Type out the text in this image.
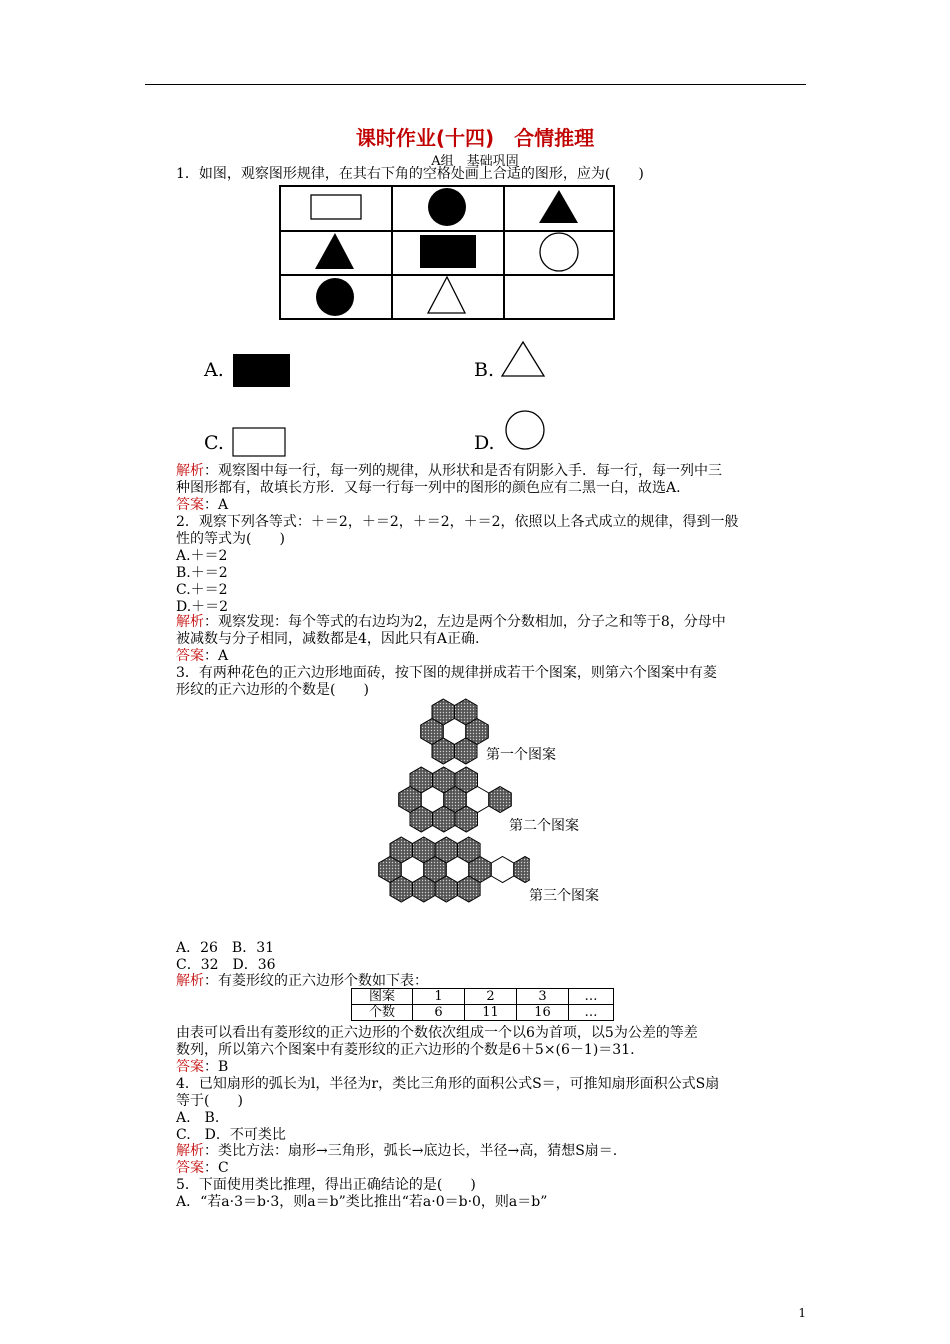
课时作业(十四)　合情推理
A组　基础巩固
1．如图，观察图形规律，在其右下角的空格处画上合适的图形，应为(　　)
A.	B.
C.	D.
解析：观察图中每一行，每一列的规律，从形状和是否有阴影入手．每一行，每一列中三
种图形都有，故填长方形．又每一行每一列中的图形的颜色应有二黑一白，故选A.
答案：A
2．观察下列各等式：＋＝2，＋＝2，＋＝2，＋＝2，依照以上各式成立的规律，得到一般
性的等式为(　　)
A.＋＝2
B.＋＝2
C.＋＝2
D.＋＝2
解析：观察发现：每个等式的右边均为2，左边是两个分数相加，分子之和等于8，分母中
被减数与分子相同，减数都是4，因此只有A正确.
答案：A
3．有两种花色的正六边形地面砖，按下图的规律拼成若干个图案，则第六个图案中有菱
形纹的正六边形的个数是(　　)
第一个图案
第二个图案
第三个图案
A．26　B．31
C．32　D．36
解析：有菱形纹的正六边形个数如下表：
图案	1	2	3	…
个数	6	11	16	…
由表可以看出有菱形纹的正六边形的个数依次组成一个以6为首项，以5为公差的等差
数列，所以第六个图案中有菱形纹的正六边形的个数是6＋5×(6－1)＝31.
答案：B
4．已知扇形的弧长为l，半径为r，类比三角形的面积公式S＝，可推知扇形面积公式S扇
等于(　　)
A.　B.
C.　D．不可类比
解析：类比方法：扇形→三角形，弧长→底边长，半径→高，猜想S扇＝.
答案：C
5．下面使用类比推理，得出正确结论的是(　　)
A．“若a·3＝b·3，则a＝b”类比推出“若a·0＝b·0，则a＝b”
1
